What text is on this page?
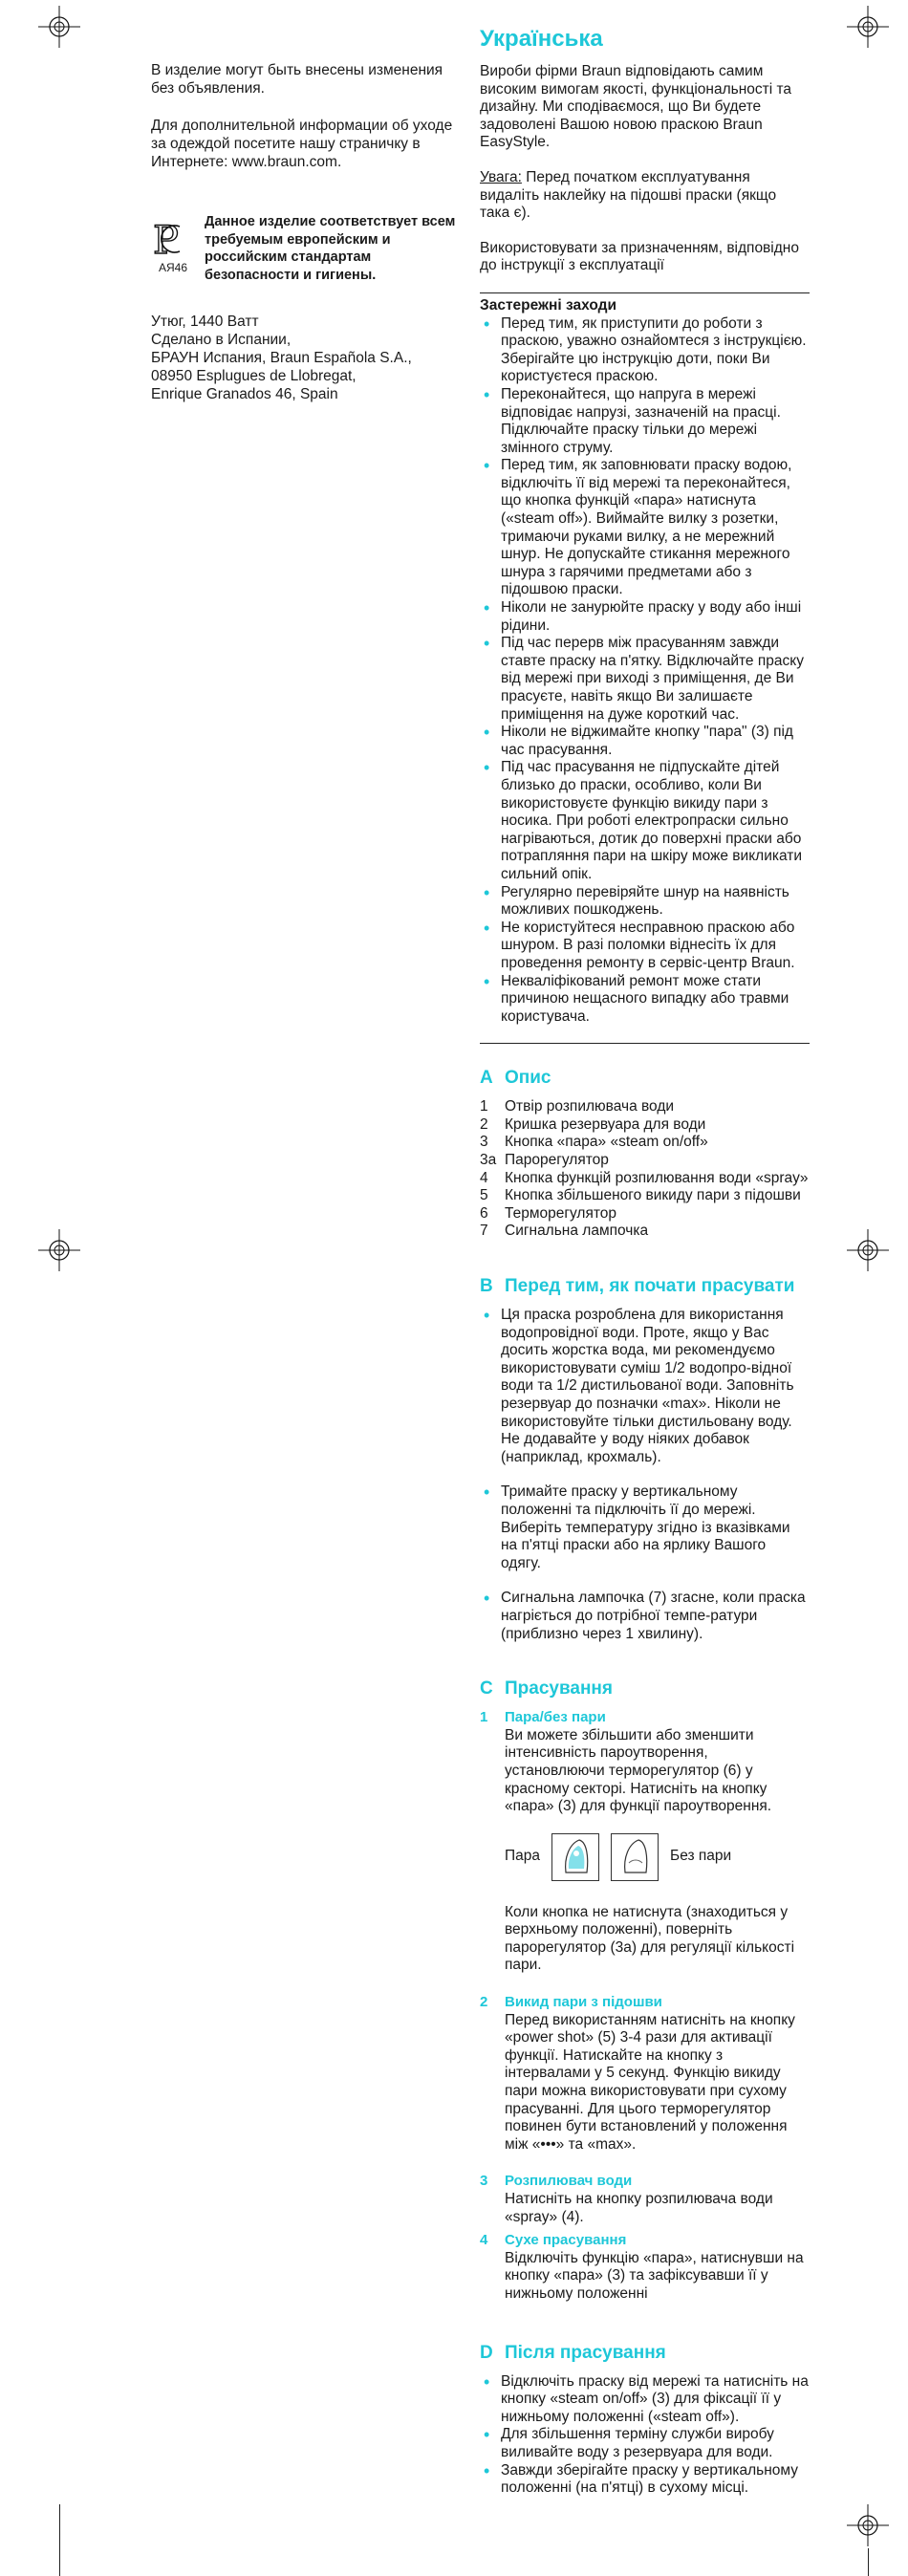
В изделие могут быть внесены изменения без объявления.

Для дополнительной информации об уходе за одеждой посетите нашу страничку в Интернете: www.braun.com.

Р
АЯ46
Данное изделие соответствует всем требуемым европейским и российским стандартам безопасности и гигиены.
Утюг, 1440 Ватт
Сделано в Испании,
БРАУН Испания, Braun Española S.A.,
08950 Esplugues de Llobregat,
Enrique Granados 46, Spain
Українська

Вироби фірми Braun відповідають самим високим вимогам якості, функціональності та дизайну. Ми сподіваємося, що Ви будете задоволені Вашою новою праскою Braun EasyStyle.

Увага: Перед початком експлуатування видаліть наклейку на підошві праски (якщо така є).

Використовувати за призначенням, відповідно до інструкції з експлуатації

Застережні заходи
• Перед тим, як приступити до роботи з праскою, уважно ознайомтеся з інструкцією. Зберігайте цю інструкцію доти, поки Ви користуєтеся праскою.
• Переконайтеся, що напруга в мережі відповідає напрузі, зазначеній на прасці. Підключайте праску тільки до мережі змінного струму.
• Перед тим, як заповнювати праску водою, відключіть її від мережі та переконайтеся, що кнопка функцій «пара» натиснута («steam off»). Виймайте вилку з розетки, тримаючи руками вилку, а не мережний шнур. Не допускайте стикання мережного шнура з гарячими предметами або з підошвою праски.
• Ніколи не занурюйте праску у воду або інші рідини.
• Під час перерв між прасуванням завжди ставте праску на п'ятку. Відключайте праску від мережі при виході з приміщення, де Ви прасуєте, навіть якщо Ви залишаєте приміщення на дуже короткий час.
• Ніколи не віджимайте кнопку "пара" (3) під час прасування.
• Під час прасування не підпускайте дітей близько до праски, особливо, коли Ви використовуєте функцію викиду пари з носика. При роботі електропраски сильно нагріваються, дотик до поверхні праски або потрапляння пари на шкіру може викликати сильний опік.
• Регулярно перевіряйте шнур на наявність можливих пошкоджень.
• Не користуйтеся несправною праскою або шнуром. В разі поломки віднесіть їх для проведення ремонту в сервіс-центр Braun.
• Некваліфікований ремонт може стати причиною нещасного випадку або травми користувача.
A Опис
1	Отвір розпилювача води
2	Кришка резервуара для води
3	Кнопка «пара» «steam on/off»
3a Парорегулятор
4	Кнопка функцій розпилювання води «spray»
5	Кнопка збільшеного викиду пари з підошви
6	Терморегулятор
7	Сигнальна лампочка
B Перед тим, як почати прасувати
• Ця праска розроблена для використання водопровідної води. Проте, якщо у Вас досить жорстка вода, ми рекомендуємо використовувати суміш 1/2 водопро-відної води та 1/2 дистильованої води. Заповніть резервуар до позначки «max». Ніколи не використовуйте тільки дистильовану воду. Не додавайте у воду ніяких добавок (наприклад, крохмаль).
• Тримайте праску у вертикальному положенні та підключіть її до мережі. Виберіть температуру згідно із вказівками на п'ятці праски або на ярлику Вашого одягу.
• Сигнальна лампочка (7) згасне, коли праска нагріється до потрібної темпе-ратури (приблизно через 1 хвилину).
C Прасування
1	Пара/без пари
Ви можете збільшити або зменшити інтенсивність пароутворення, установлюючи терморегулятор (6) у красному секторі. Натисніть на кнопку «пара» (3) для функції пароутворення.
Пара	Без пари
Коли кнопка не натиснута (знаходиться у верхньому положенні), поверніть парорегулятор (3a) для регуляції кількості пари.
2	Викид пари з підошви
Перед використанням натисніть на кнопку «power shot» (5) 3-4 рази для активації функції. Натискайте на кнопку з інтервалами у 5 секунд. Функцію викиду пари можна використовувати при сухому прасуванні. Для цього терморегулятор повинен бути встановлений у положення між «•••» та «max».
3	Розпилювач води
Натисніть на кнопку розпилювача води «spray» (4).
4	Сухе прасування
Відключіть функцію «пара», натиснувши на кнопку «пара» (3) та зафіксувавши її у нижньому положенні
D Після прасування
• Відключіть праску від мережі та натисніть на кнопку «steam on/off» (3) для фіксації її у нижньому положенні («steam off»).
• Для збільшення терміну служби виробу виливайте воду з резервуара для води.
• Завжди зберігайте праску у вертикальному положенні (на п'ятці) в сухому місці.
